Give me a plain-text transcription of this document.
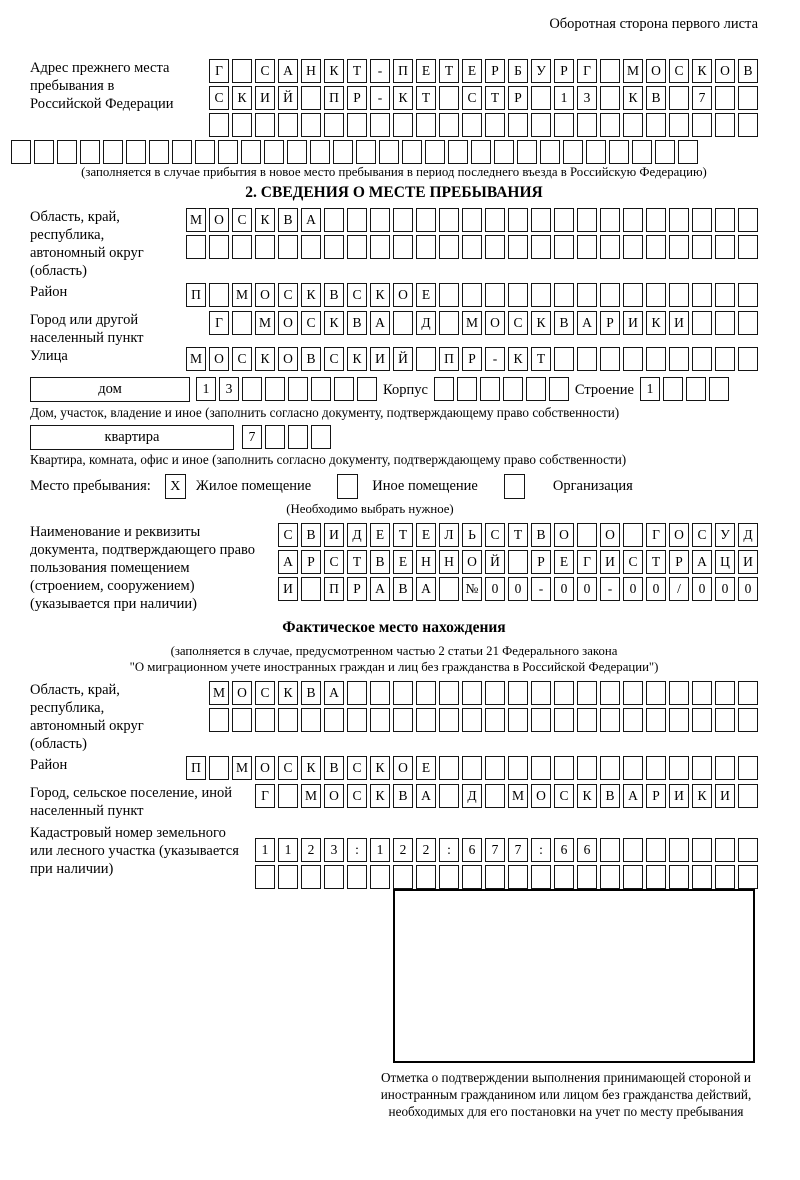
Оборотная сторона первого листа
Адрес прежнего места пребывания в Российской Федерации
Г	С	А Н	К	Т	-	П	Е	Т	Е	Р	Б	У	Р	Г	М О	С	К	О	В
С	К	И Й	П	Р	-	К	Т	С	Т	Р	1	3	К	В	7
(заполняется в случае прибытия в новое место пребывания в период последнего въезда в Российскую Федерацию)
2. СВЕДЕНИЯ О МЕСТЕ ПРЕБЫВАНИЯ
Область, край, республика, автономный округ (область)
М О	С	К	В	А
Район	П	М О	С	К	В	С	К	О	Е
Город или другой населенный пункт
Г	М О	С	К	В	А	Д	М О	С	К	В	А	Р	И	К	И
Улица	М О	С	К	О	В	С	К	И Й	П	Р	-	К	Т
дом	1	3	Корпус	Строение 1
Дом, участок, владение и иное (заполнить согласно документу, подтверждающему право собственности)
квартира	7
Квартира, комната, офис и иное (заполнить согласно документу, подтверждающему право собственности)
Место пребывания:	X	Жилое помещение	Иное помещение	Организация
(Необходимо выбрать нужное)
Наименование и реквизиты документа, подтверждающего право пользования помещением (строением, сооружением) (указывается при наличии)
С	В	И	Д	Е	Т	Е	Л	Ь	С	Т	В	О	О	Г	О	С	У	Д
А	Р	С	Т	В	Е	Н Н О Й	Р	Е	Г	И	С	Т	Р	А Ц И
И	П	Р	А	В	А	№ 0	0	-	0	0	-	0	0	/	0	0	0
Фактическое место нахождения
(заполняется в случае, предусмотренном частью 2 статьи 21 Федерального закона
"О миграционном учете иностранных граждан и лиц без гражданства в Российской Федерации")
Область, край, республика, автономный округ (область)
М О	С	К	В	А
Район	П	М О	С	К	В	С	К	О	Е
Город, сельское поселение, иной населенный пункт
Г	М О	С	К	В	А	Д	М О	С	К	В	А	Р	И	К	И
Кадастровый номер земельного или лесного участка (указывается при наличии)
1	1	2	3	:	1	2	2	:	6	7	7	:	6	6
Отметка о подтверждении выполнения принимающей стороной и иностранным гражданином или лицом без гражданства действий, необходимых для его постановки на учет по месту пребывания
